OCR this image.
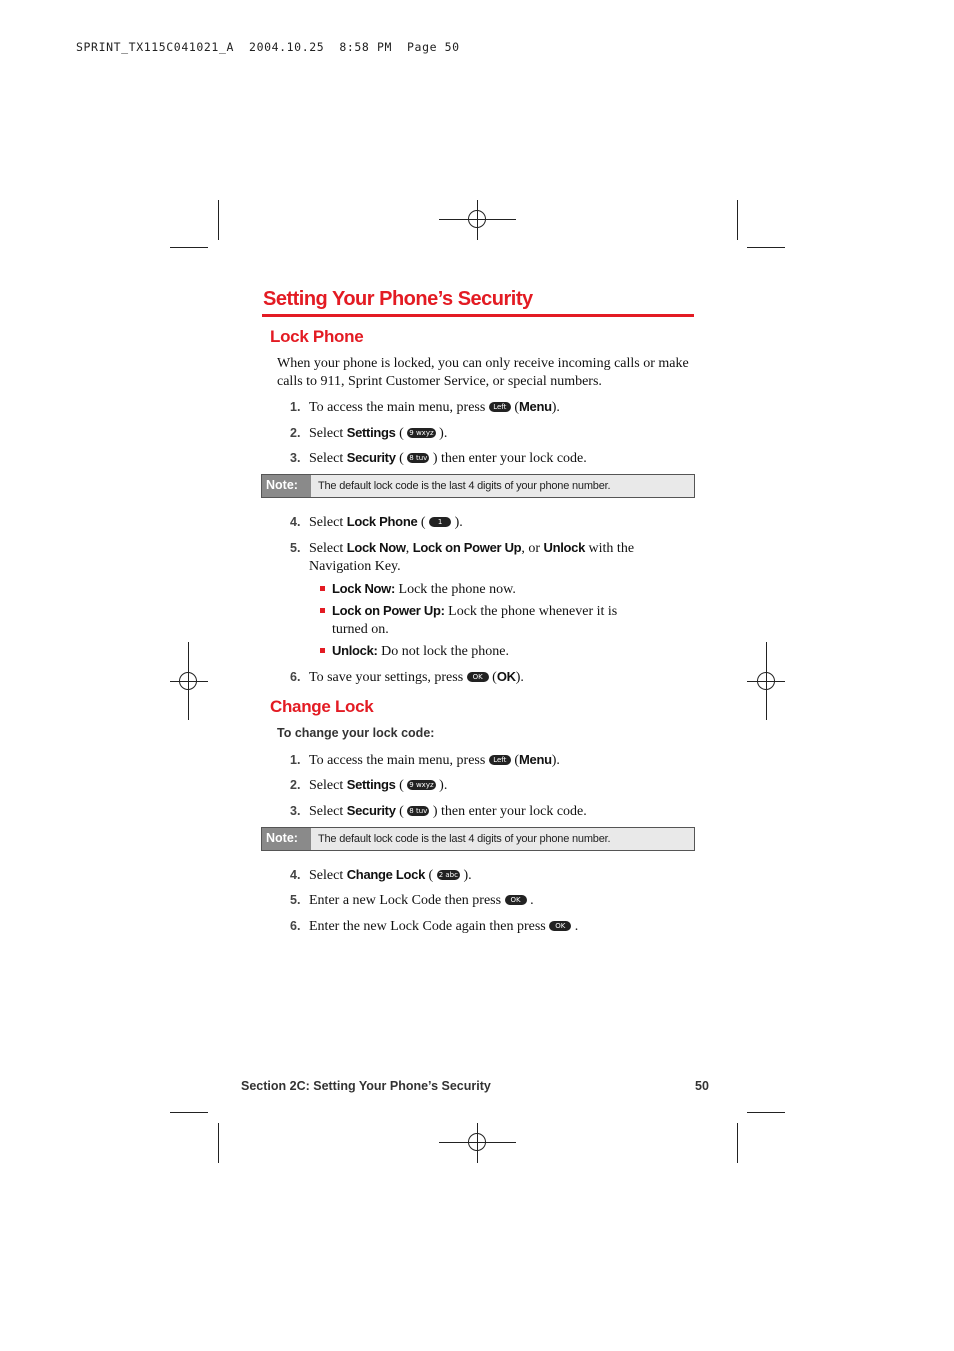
SPRINT_TX115C041021_A  2004.10.25  8:58 PM  Page 50
Setting Your Phone’s Security
Lock Phone
When your phone is locked, you can only receive incoming calls or make calls to 911, Sprint Customer Service, or special numbers.
1. To access the main menu, press Left (Menu).
2. Select Settings ( 9 wxyz ).
3. Select Security ( 8 tuv ) then enter your lock code.
Note:	The default lock code is the last 4 digits of your phone number.
4. Select Lock Phone ( 1 ).
5. Select Lock Now, Lock on Power Up, or Unlock with the Navigation Key.
Lock Now: Lock the phone now.
Lock on Power Up: Lock the phone whenever it is turned on.
Unlock: Do not lock the phone.
6. To save your settings, press OK (OK).
Change Lock
To change your lock code:
1. To access the main menu, press Left (Menu).
2. Select Settings ( 9 wxyz ).
3. Select Security ( 8 tuv ) then enter your lock code.
Note:	The default lock code is the last 4 digits of your phone number.
4. Select Change Lock ( 2 abc ).
5. Enter a new Lock Code then press OK .
6. Enter the new Lock Code again then press OK .
Section 2C: Setting Your Phone’s Security	50
